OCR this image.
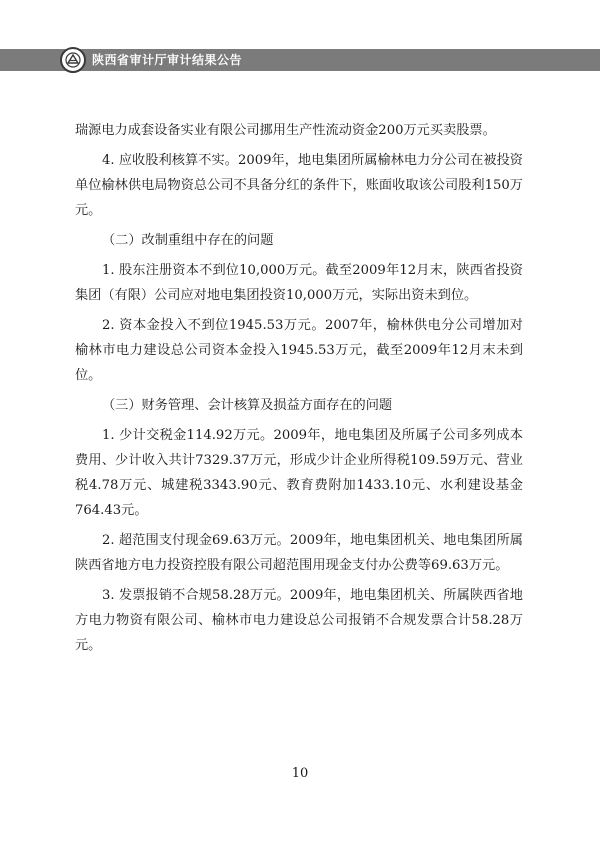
陕西省审计厅审计结果公告

瑞源电力成套设备实业有限公司挪用生产性流动资金200万元买卖股票。

4. 应收股利核算不实。2009年，地电集团所属榆林电力分公司在被投资单位榆林供电局物资总公司不具备分红的条件下，账面收取该公司股利150万元。

（二）改制重组中存在的问题

1. 股东注册资本不到位10,000万元。截至2009年12月末，陕西省投资集团（有限）公司应对地电集团投资10,000万元，实际出资未到位。

2. 资本金投入不到位1945.53万元。2007年，榆林供电分公司增加对榆林市电力建设总公司资本金投入1945.53万元，截至2009年12月末未到位。

（三）财务管理、会计核算及损益方面存在的问题

1. 少计交税金114.92万元。2009年，地电集团及所属子公司多列成本费用、少计收入共计7329.37万元，形成少计企业所得税109.59万元、营业税4.78万元、城建税3343.90元、教育费附加1433.10元、水利建设基金764.43元。

2. 超范围支付现金69.63万元。2009年，地电集团机关、地电集团所属陕西省地方电力投资控股有限公司超范围用现金支付办公费等69.63万元。

3. 发票报销不合规58.28万元。2009年，地电集团机关、所属陕西省地方电力物资有限公司、榆林市电力建设总公司报销不合规发票合计58.28万元。

10
